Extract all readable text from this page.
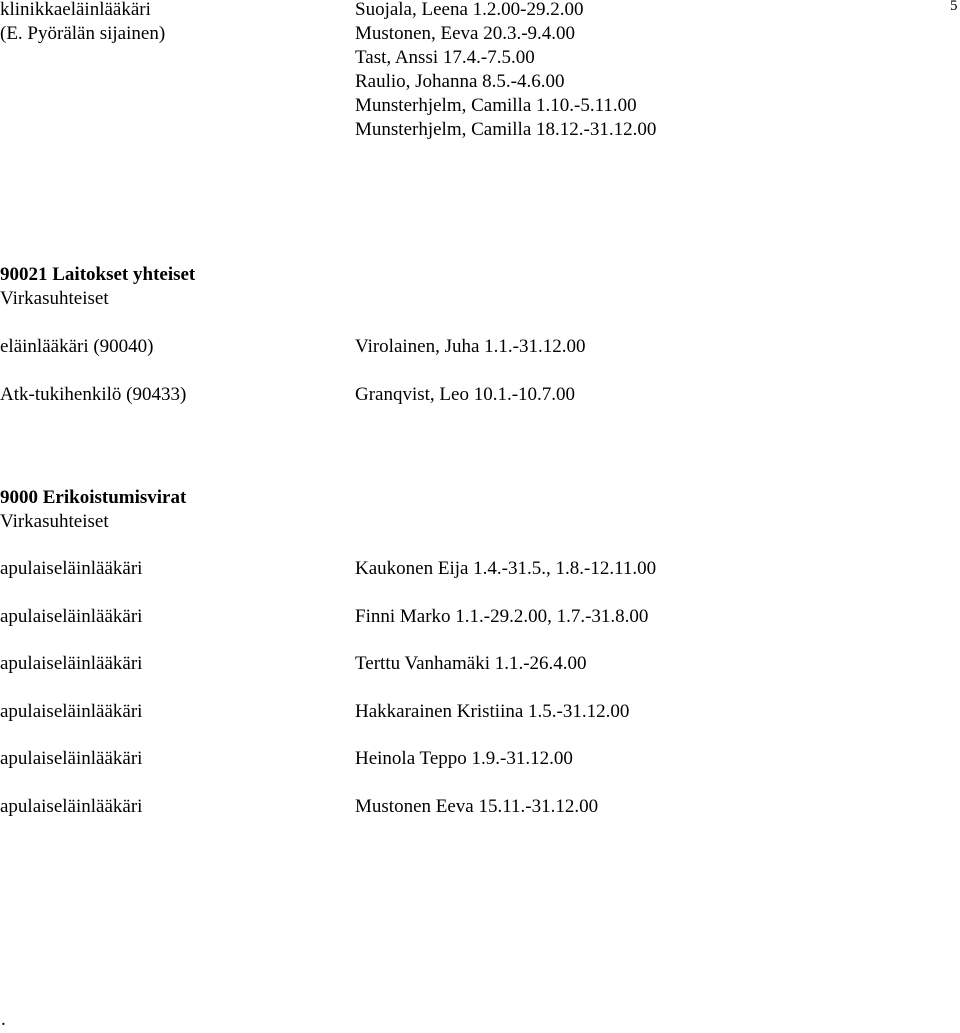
5
klinikkaeläinlääkäri	Suojala, Leena 1.2.00-29.2.00
(E. Pyörälän sijainen)	Mustonen, Eeva 20.3.-9.4.00
Tast, Anssi 17.4.-7.5.00
Raulio, Johanna 8.5.-4.6.00
Munsterhjelm, Camilla 1.10.-5.11.00
Munsterhjelm, Camilla 18.12.-31.12.00
90021 Laitokset yhteiset
Virkasuhteiset
eläinlääkäri (90040)	Virolainen, Juha 1.1.-31.12.00
Atk-tukihenkilö (90433)	Granqvist, Leo 10.1.-10.7.00
9000 Erikoistumisvirat
Virkasuhteiset
apulaiseläinlääkäri	Kaukonen Eija 1.4.-31.5., 1.8.-12.11.00
apulaiseläinlääkäri	Finni Marko 1.1.-29.2.00, 1.7.-31.8.00
apulaiseläinlääkäri	Terttu Vanhamäki 1.1.-26.4.00
apulaiseläinlääkäri	Hakkarainen Kristiina 1.5.-31.12.00
apulaiseläinlääkäri	Heinola Teppo 1.9.-31.12.00
apulaiseläinlääkäri	Mustonen Eeva 15.11.-31.12.00
.
